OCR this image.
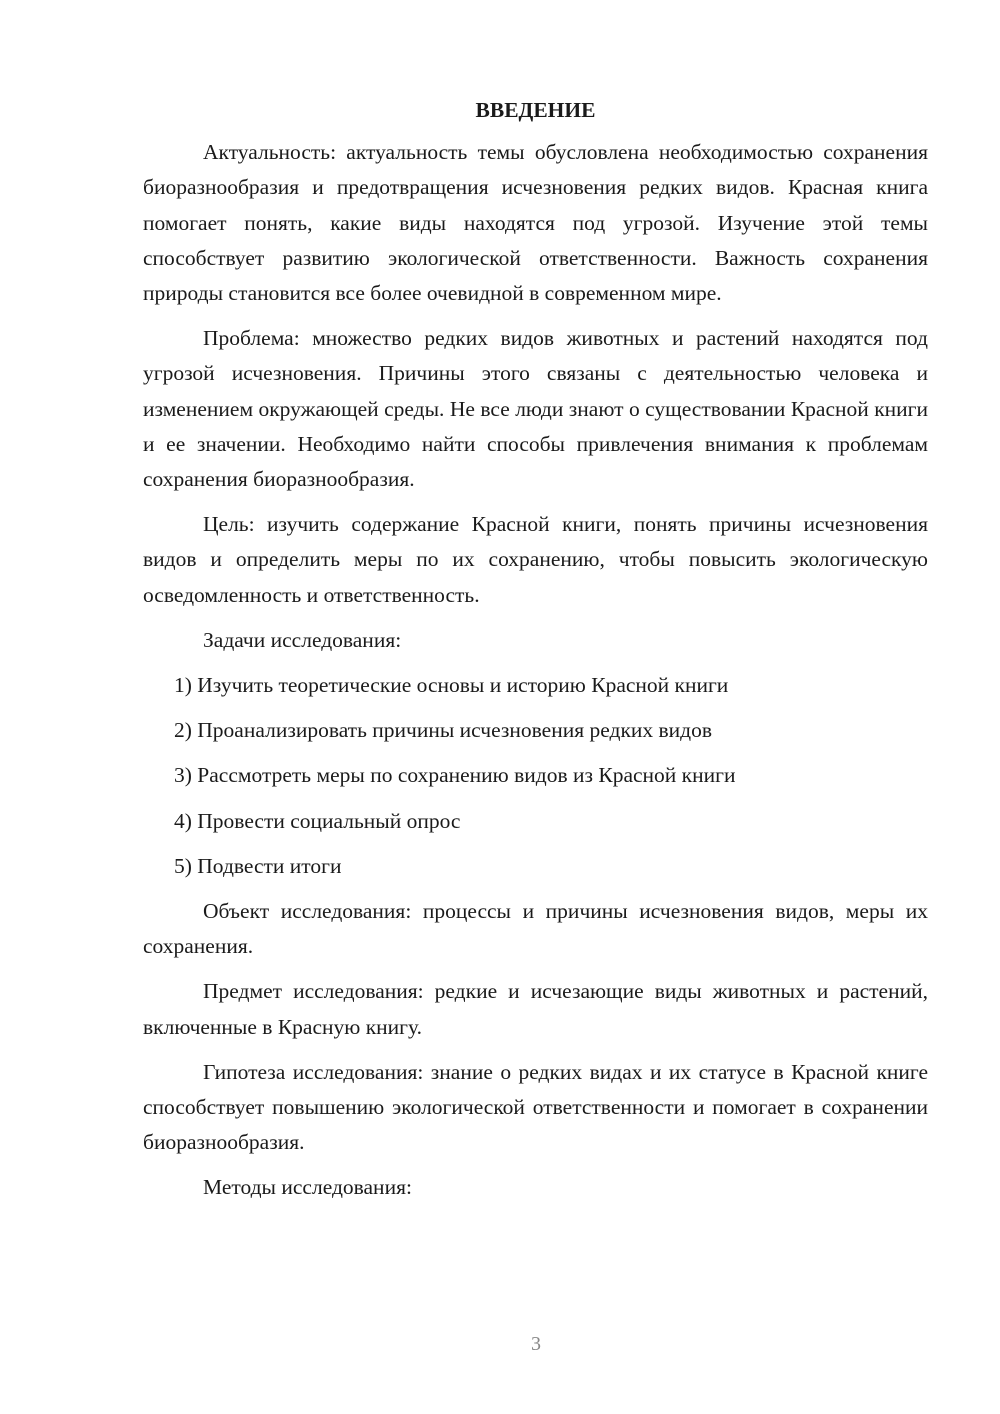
ВВЕДЕНИЕ

Актуальность: актуальность темы обусловлена необходимостью сохранения биоразнообразия и предотвращения исчезновения редких видов. Красная книга помогает понять, какие виды находятся под угрозой. Изучение этой темы способствует развитию экологической ответственности. Важность сохранения природы становится все более очевидной в современном мире.

Проблема: множество редких видов животных и растений находятся под угрозой исчезновения. Причины этого связаны с деятельностью человека и изменением окружающей среды. Не все люди знают о существовании Красной книги и ее значении. Необходимо найти способы привлечения внимания к проблемам сохранения биоразнообразия.

Цель: изучить содержание Красной книги, понять причины исчезновения видов и определить меры по их сохранению, чтобы повысить экологическую осведомленность и ответственность.

Задачи исследования:

1) Изучить теоретические основы и историю Красной книги
2) Проанализировать причины исчезновения редких видов
3) Рассмотреть меры по сохранению видов из Красной книги
4) Провести социальный опрос
5) Подвести итоги

Объект исследования: процессы и причины исчезновения видов, меры их сохранения.

Предмет исследования: редкие и исчезающие виды животных и растений, включенные в Красную книгу.

Гипотеза исследования: знание о редких видах и их статусе в Красной книге способствует повышению экологической ответственности и помогает в сохранении биоразнообразия.

Методы исследования:

3
